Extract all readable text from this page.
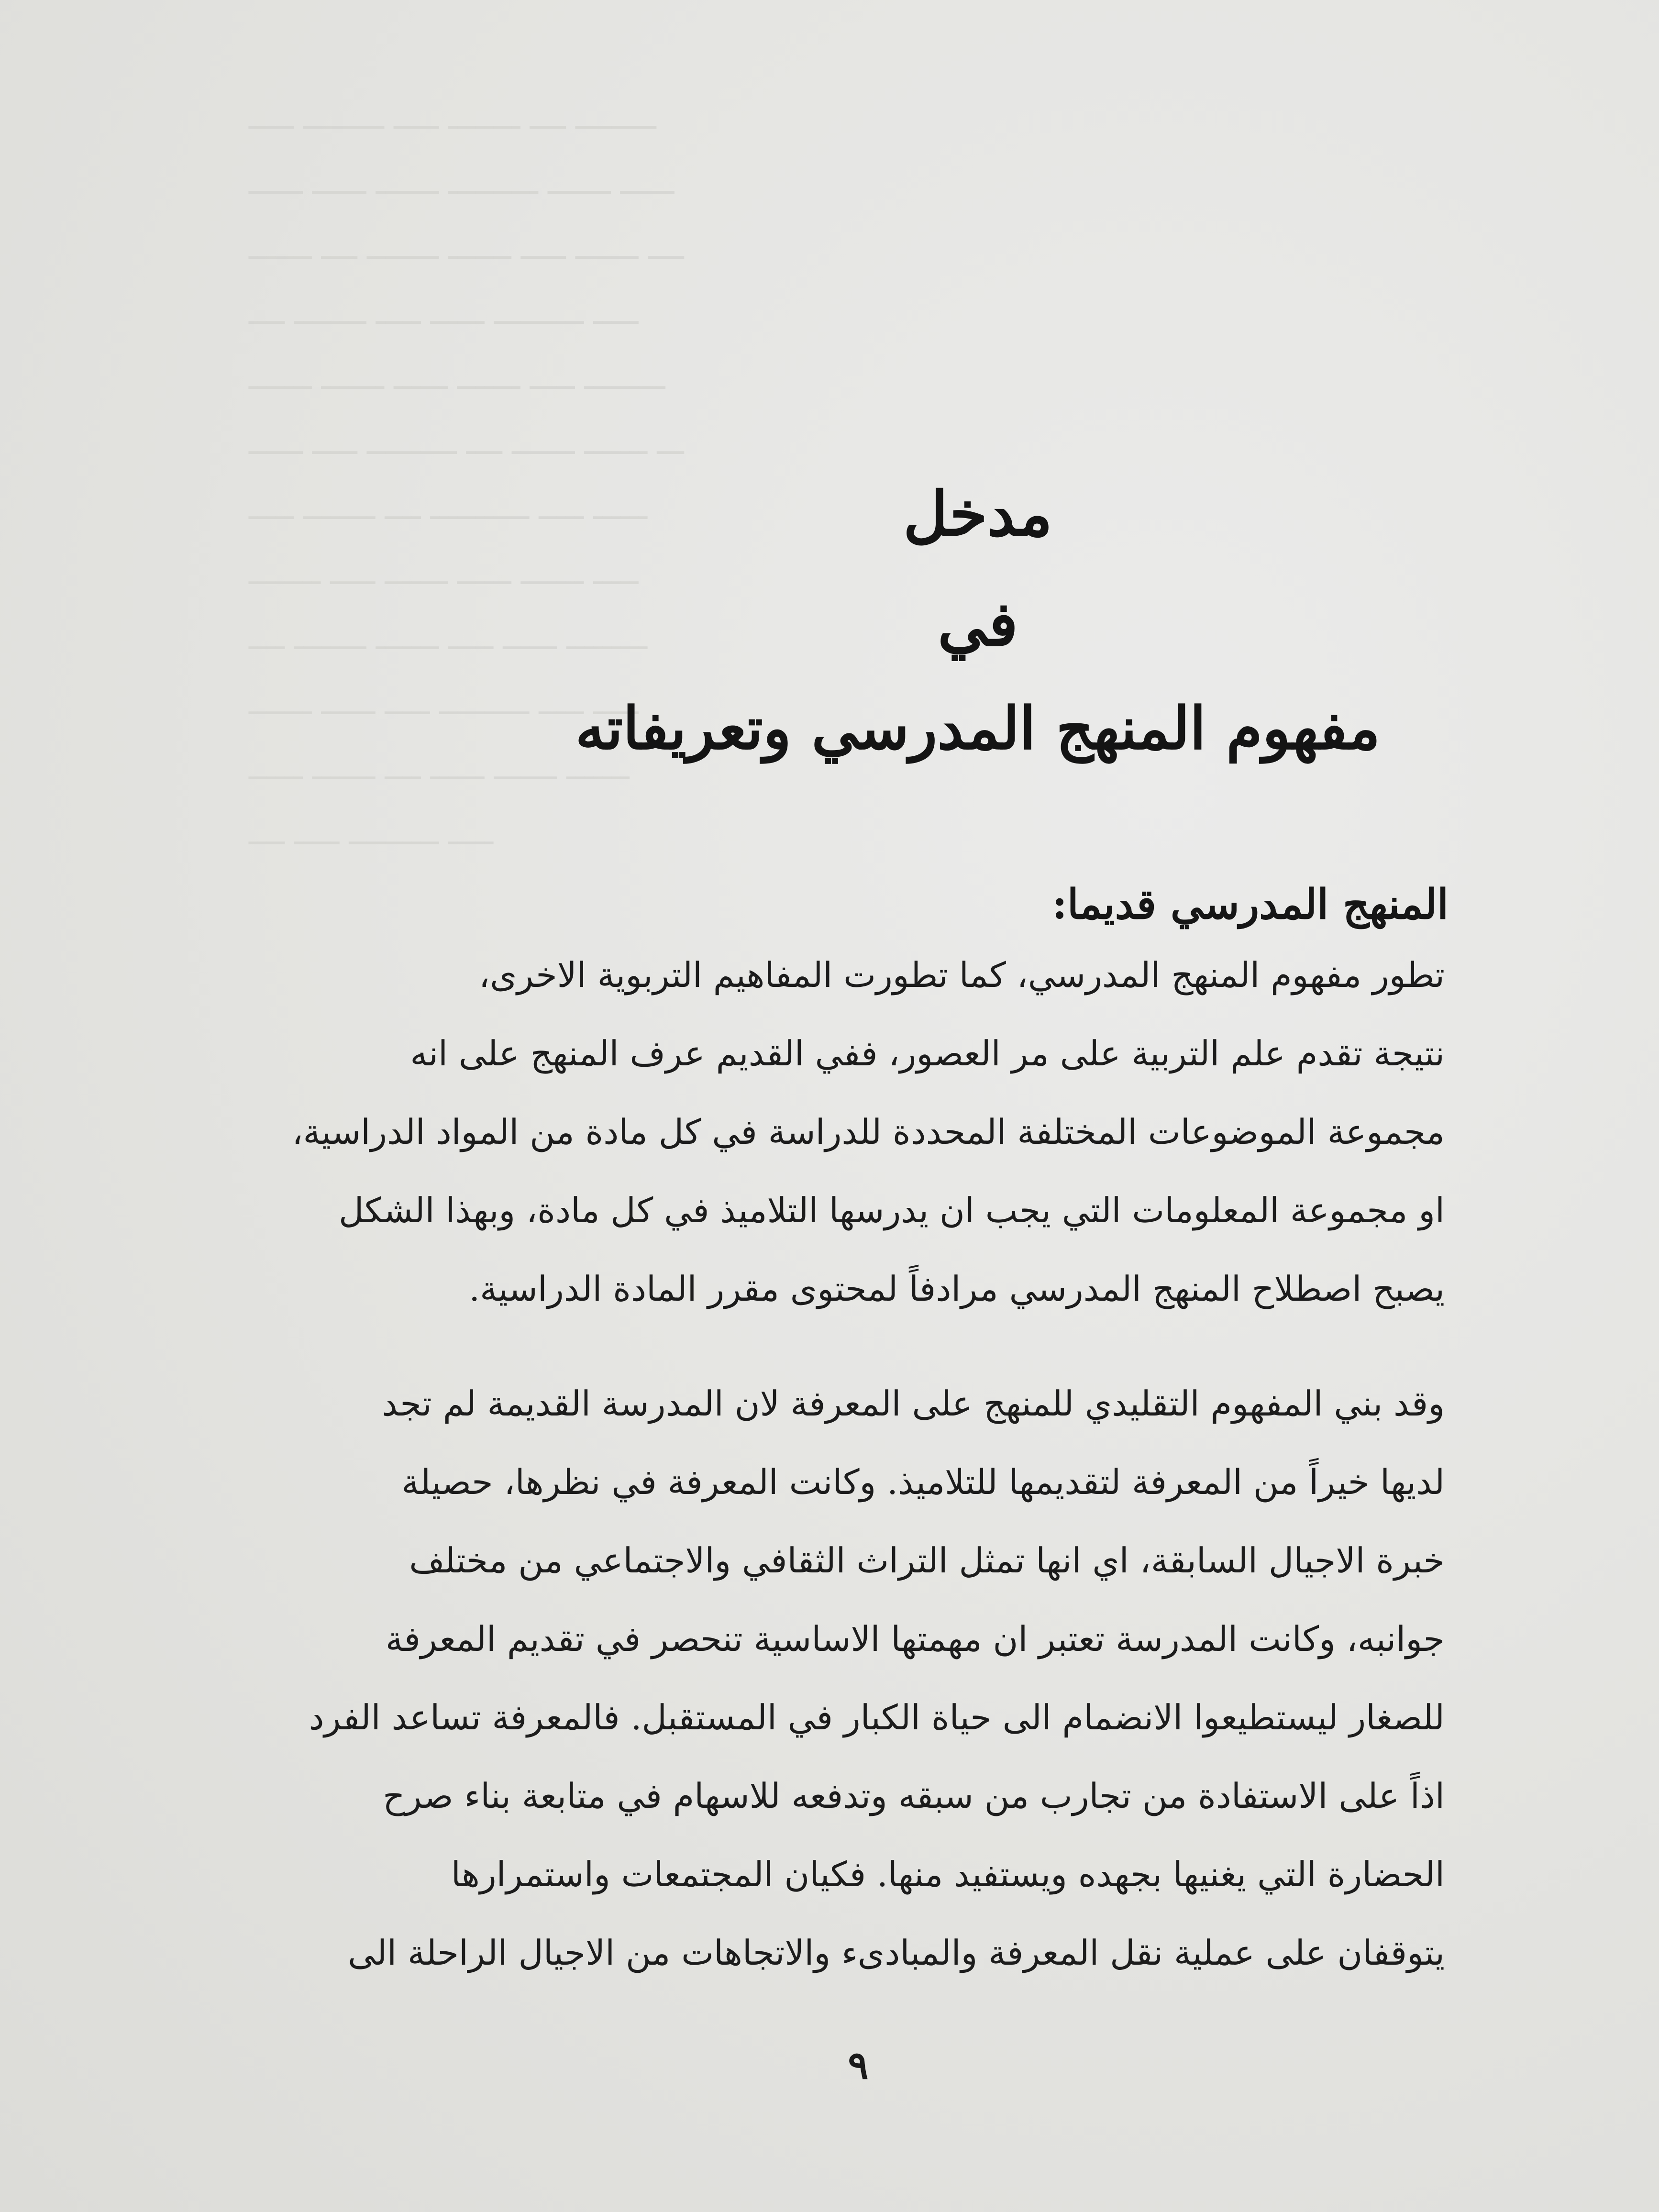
ـــــ ـــــــــ ـــــ ــــــــ ــــ ـــــــــ
ــــــ ــــــ ـــــــ ــــــــــ ـــــــ ــــــ
ـــــــ ــــ ــــــــ ـــــــ ـــــ ـــــــ ــــ
ــــ ــــــــ ـــــ ــــــ ــــــــــ ـــــ
ـــــــ ـــــــ ــــــ ـــــــ ـــــ ـــــــــ
ــــــ ـــــ ــــــــــ ــــ ـــــــ ـــــــ ـــ
ـــــ ــــــــ ــــ ـــــــــــ ـــــ ــــــ
ــــــــ ـــــ ـــــــ ــــــ ـــــــ ـــــ
ــــ ــــــــ ـــــــ ـــــ ــــــ ـــــــــ
ـــــــ ــــــ ـــــ ــــــــــ ـــــ ـــــ
ــــــ ـــــــ ــــ ــــــ ـــــــ ـــــــ
ــــ ـــــ ــــــــــ ـــــ
مدخل
في
مفهوم المنهج المدرسي وتعريفاته
المنهج المدرسي قديما:
تطور مفهوم المنهج المدرسي، كما تطورت المفاهيم التربوية الاخرى،
نتيجة تقدم علم التربية على مر العصور، ففي القديم عرف المنهج على انه
مجموعة الموضوعات المختلفة المحددة للدراسة في كل مادة من المواد الدراسية،
او مجموعة المعلومات التي يجب ان يدرسها التلاميذ في كل مادة، وبهذا الشكل
يصبح اصطلاح المنهج المدرسي مرادفاً لمحتوى مقرر المادة الدراسية.
وقد بني المفهوم التقليدي للمنهج على المعرفة لان المدرسة القديمة لم تجد
لديها خيراً من المعرفة لتقديمها للتلاميذ. وكانت المعرفة في نظرها، حصيلة
خبرة الاجيال السابقة، اي انها تمثل التراث الثقافي والاجتماعي من مختلف
جوانبه، وكانت المدرسة تعتبر ان مهمتها الاساسية تنحصر في تقديم المعرفة
للصغار ليستطيعوا الانضمام الى حياة الكبار في المستقبل. فالمعرفة تساعد الفرد
اذاً على الاستفادة من تجارب من سبقه وتدفعه للاسهام في متابعة بناء صرح
الحضارة التي يغنيها بجهده ويستفيد منها. فكيان المجتمعات واستمرارها
يتوقفان على عملية نقل المعرفة والمبادىء والاتجاهات من الاجيال الراحلة الى
٩
